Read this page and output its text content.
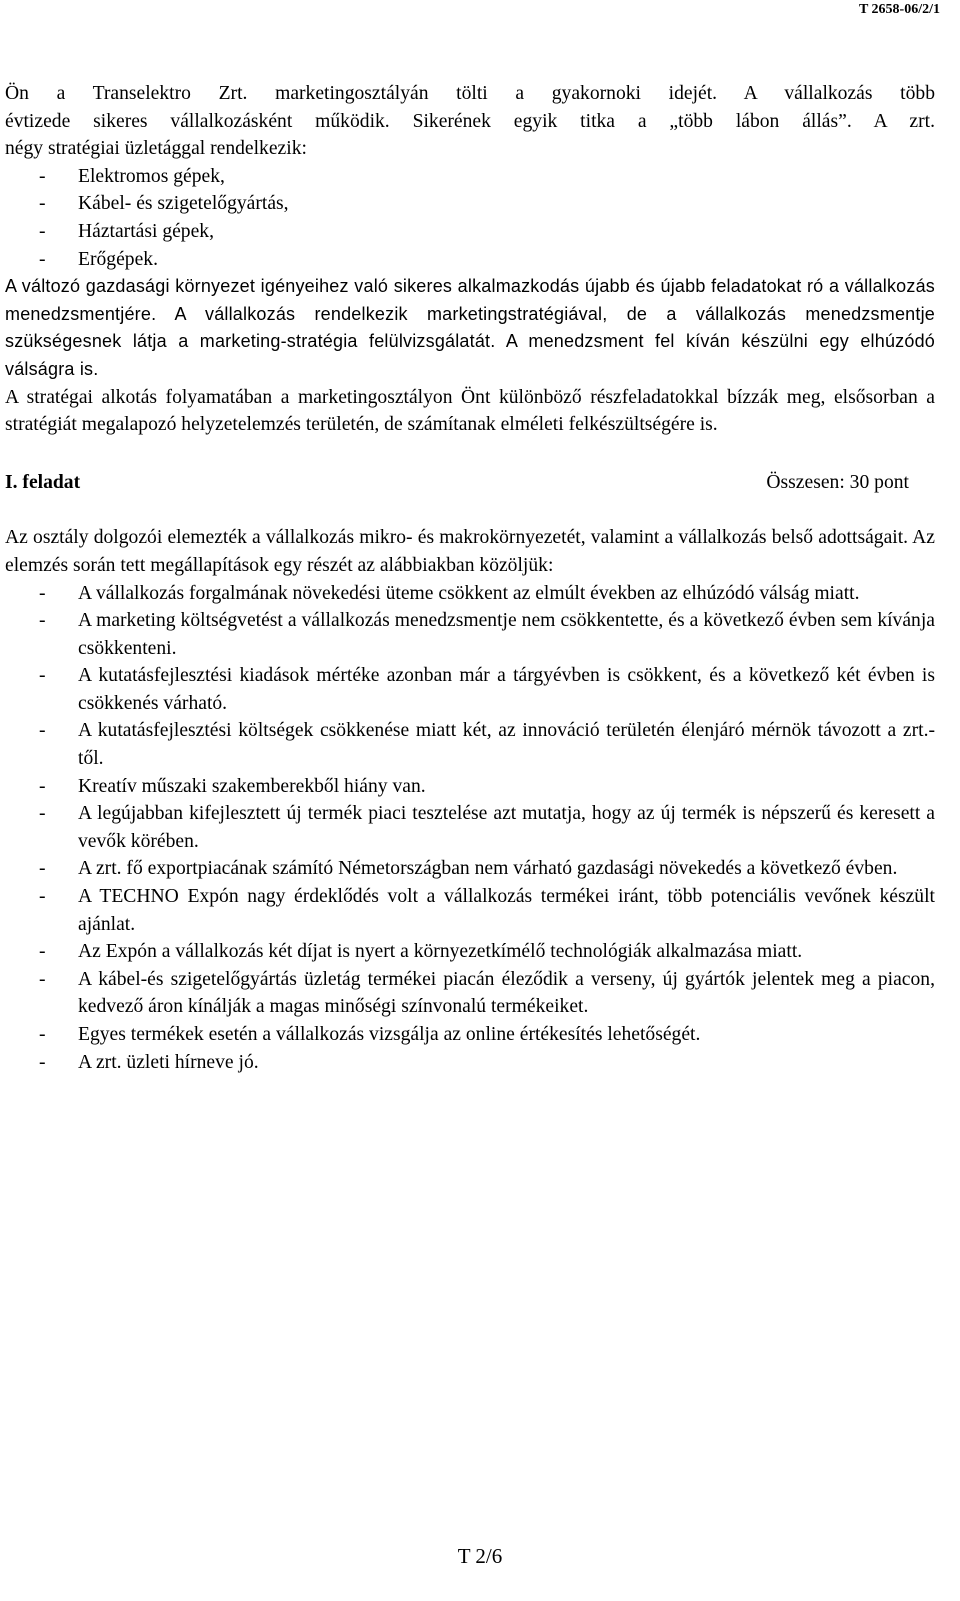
T 2658-06/2/1

Ön a Transelektro Zrt. marketingosztályán tölti a gyakornoki idejét. A vállalkozás több

évtizede sikeres vállalkozásként működik. Sikerének egyik titka a „több lábon állás”. A zrt.

négy stratégiai üzletággal rendelkezik:

- Elektromos gépek,
- Kábel- és szigetelőgyártás,
- Háztartási gépek,
- Erőgépek.

A változó gazdasági környezet igényeihez való sikeres alkalmazkodás újabb és újabb feladatokat ró a vállalkozás menedzsmentjére. A vállalkozás rendelkezik marketingstratégiával, de a vállalkozás menedzsmentje szükségesnek látja a marketing-stratégia felülvizsgálatát. A menedzsment fel kíván készülni egy elhúzódó válságra is.

A stratégai alkotás folyamatában a marketingosztályon Önt különböző részfeladatokkal bízzák meg, elsősorban a stratégiát megalapozó helyzetelemzés területén, de számítanak elméleti felkészültségére is.

I. feladat	Összesen: 30 pont

Az osztály dolgozói elemezték a vállalkozás mikro- és makrokörnyezetét, valamint a vállalkozás belső adottságait. Az elemzés során tett megállapítások egy részét az alábbiakban közöljük:

- A vállalkozás forgalmának növekedési üteme csökkent az elmúlt években az elhúzódó válság miatt.
- A marketing költségvetést a vállalkozás menedzsmentje nem csökkentette, és a következő évben sem kívánja csökkenteni.
- A kutatásfejlesztési kiadások mértéke azonban már a tárgyévben is csökkent, és a következő két évben is csökkenés várható.
- A kutatásfejlesztési költségek csökkenése miatt két, az innováció területén élenjáró mérnök távozott a zrt.-től.
- Kreatív műszaki szakemberekből hiány van.
- A legújabban kifejlesztett új termék piaci tesztelése azt mutatja, hogy az új termék is népszerű és keresett a vevők körében.
- A zrt. fő exportpiacának számító Németországban nem várható gazdasági növekedés a következő évben.
- A TECHNO Expón nagy érdeklődés volt a vállalkozás termékei iránt, több potenciális vevőnek készült ajánlat.
- Az Expón a vállalkozás két díjat is nyert a környezetkímélő technológiák alkalmazása miatt.
- A kábel-és szigetelőgyártás üzletág termékei piacán éleződik a verseny, új gyártók jelentek meg a piacon, kedvező áron kínálják a magas minőségi színvonalú termékeiket.
- Egyes termékek esetén a vállalkozás vizsgálja az online értékesítés lehetőségét.
- A zrt. üzleti hírneve jó.
T 2/6
